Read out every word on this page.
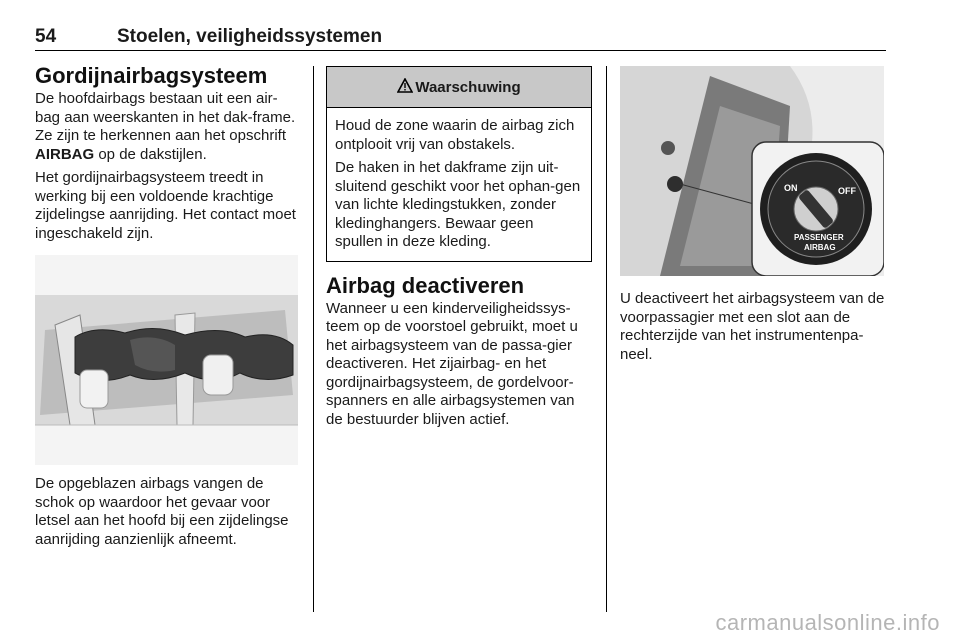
54	Stoelen, veiligheidssystemen
Gordijnairbagsysteem

De hoofdairbags bestaan uit een air-bag aan weerskanten in het dak-frame. Ze zijn te herkennen aan het opschrift AIRBAG op de dakstijlen.

Het gordijnairbagsysteem treedt in werking bij een voldoende krachtige zijdelingse aanrijding. Het contact moet ingeschakeld zijn.

De opgeblazen airbags vangen de schok op waardoor het gevaar voor letsel aan het hoofd bij een zijdelingse aanrijding aanzienlijk afneemt.

Waarschuwing

Houd de zone waarin de airbag zich ontplooit vrij van obstakels.

De haken in het dakframe zijn uit-sluitend geschikt voor het ophan-gen van lichte kledingstukken, zonder kledinghangers. Bewaar geen spullen in deze kleding.

Airbag deactiveren

Wanneer u een kinderveiligheidssys-teem op de voorstoel gebruikt, moet u het airbagsysteem van de passa-gier deactiveren. Het zijairbag- en het gordijnairbagsysteem, de gordelvoor-spanners en alle airbagsystemen van de bestuurder blijven actief.

ON	OFF
PASSENGER
AIRBAG

U deactiveert het airbagsysteem van de voorpassagier met een slot aan de rechterzijde van het instrumentenpa-neel.

carmanualsonline.info
